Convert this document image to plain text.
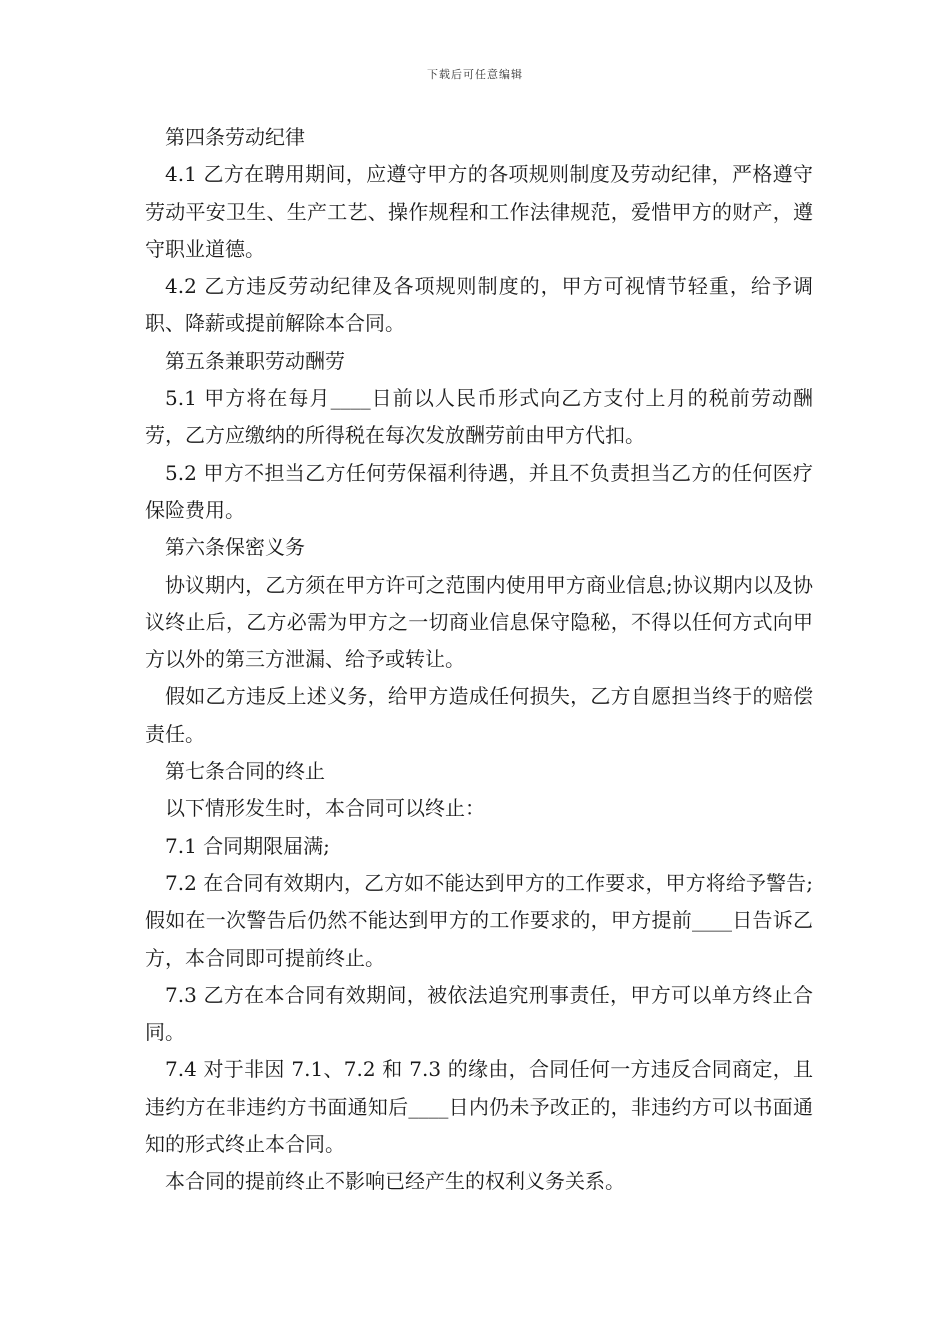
下载后可任意编辑

第四条劳动纪律

4.1 乙方在聘用期间，应遵守甲方的各项规则制度及劳动纪律，严格遵守劳动平安卫生、生产工艺、操作规程和工作法律规范，爱惜甲方的财产，遵守职业道德。

4.2 乙方违反劳动纪律及各项规则制度的，甲方可视情节轻重，给予调职、降薪或提前解除本合同。

第五条兼职劳动酬劳

5.1 甲方将在每月____日前以人民币形式向乙方支付上月的税前劳动酬劳，乙方应缴纳的所得税在每次发放酬劳前由甲方代扣。

5.2 甲方不担当乙方任何劳保福利待遇，并且不负责担当乙方的任何医疗保险费用。

第六条保密义务

协议期内，乙方须在甲方许可之范围内使用甲方商业信息;协议期内以及协议终止后，乙方必需为甲方之一切商业信息保守隐秘，不得以任何方式向甲方以外的第三方泄漏、给予或转让。

假如乙方违反上述义务，给甲方造成任何损失，乙方自愿担当终于的赔偿责任。

第七条合同的终止

以下情形发生时，本合同可以终止：

7.1 合同期限届满;

7.2 在合同有效期内，乙方如不能达到甲方的工作要求，甲方将给予警告;假如在一次警告后仍然不能达到甲方的工作要求的，甲方提前____日告诉乙方，本合同即可提前终止。

7.3 乙方在本合同有效期间，被依法追究刑事责任，甲方可以单方终止合同。

7.4 对于非因 7.1、7.2 和 7.3 的缘由，合同任何一方违反合同商定，且违约方在非违约方书面通知后____日内仍未予改正的，非违约方可以书面通知的形式终止本合同。

本合同的提前终止不影响已经产生的权利义务关系。
